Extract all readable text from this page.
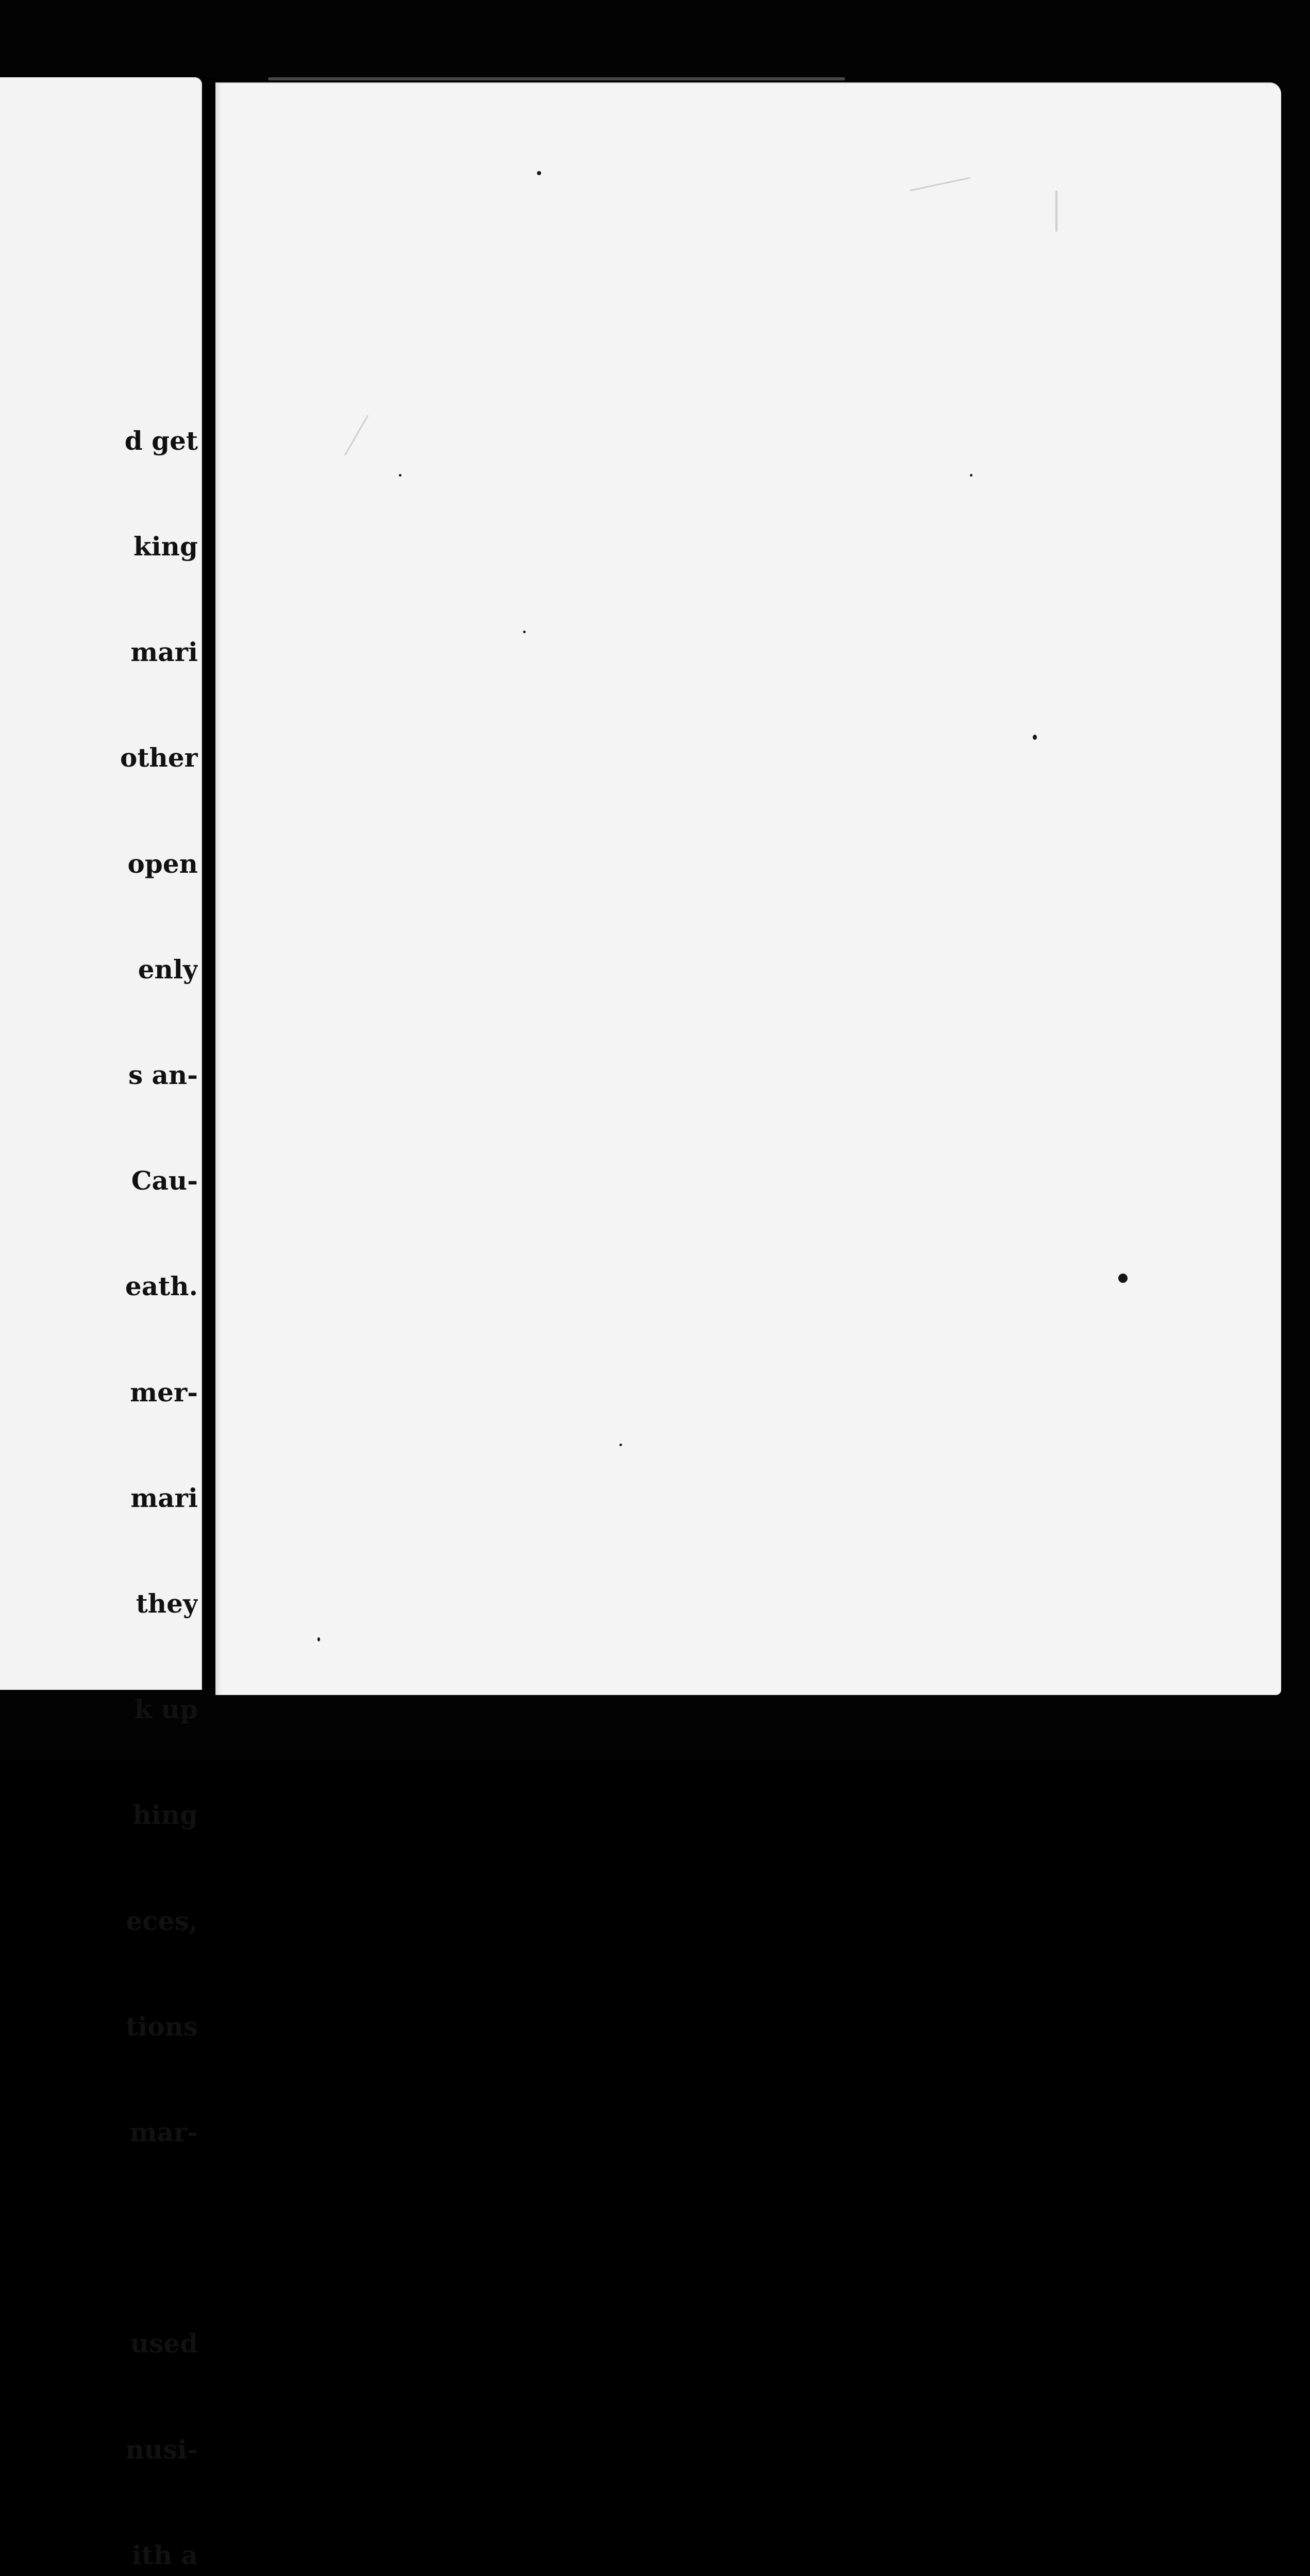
d get

king

mari

other

open

enly

s an-

Cau-

eath.

mer-

mari

they

k up

hing

eces,

tions

mar-

used

nusi-

ith a
